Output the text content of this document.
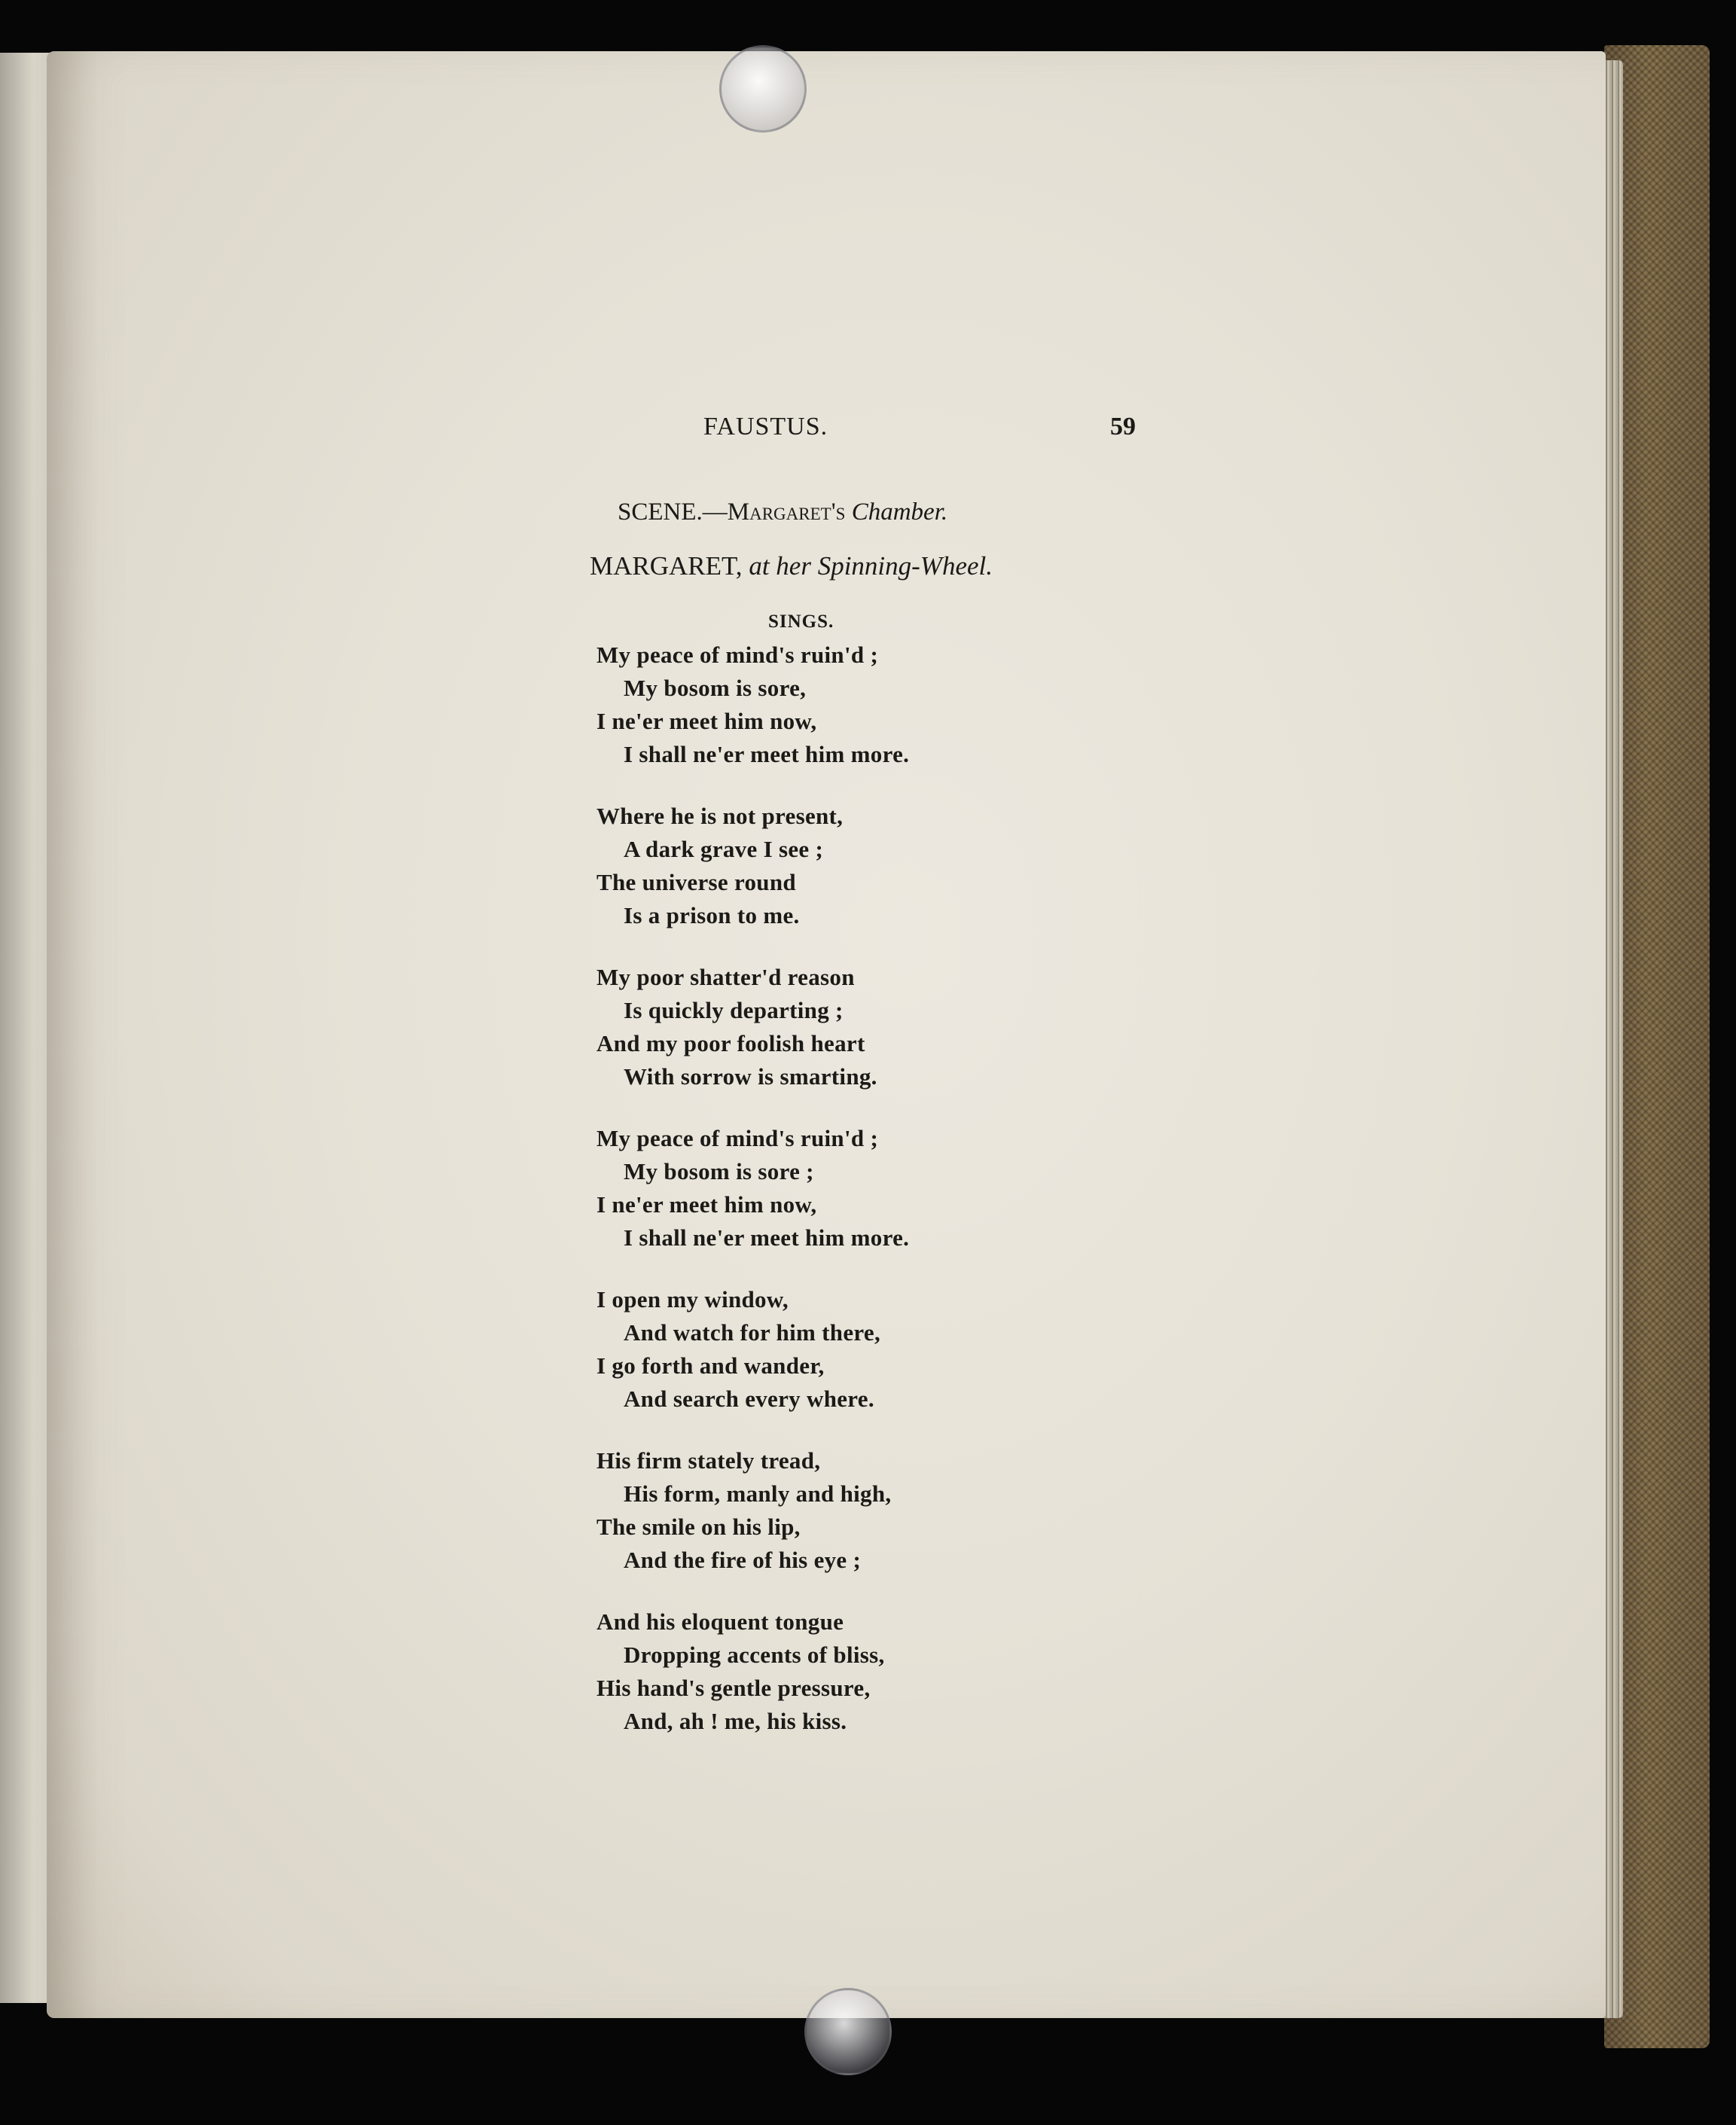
FAUSTUS.	59
SCENE.—Margaret's Chamber.
MARGARET, at her Spinning-Wheel.
SINGS.
My peace of mind's ruin'd ;
My bosom is sore,
I ne'er meet him now,
I shall ne'er meet him more.
Where he is not present,
A dark grave I see ;
The universe round
Is a prison to me.
My poor shatter'd reason
Is quickly departing ;
And my poor foolish heart
With sorrow is smarting.
My peace of mind's ruin'd ;
My bosom is sore ;
I ne'er meet him now,
I shall ne'er meet him more.
I open my window,
And watch for him there,
I go forth and wander,
And search every where.
His firm stately tread,
His form, manly and high,
The smile on his lip,
And the fire of his eye ;
And his eloquent tongue
Dropping accents of bliss,
His hand's gentle pressure,
And, ah ! me, his kiss.
